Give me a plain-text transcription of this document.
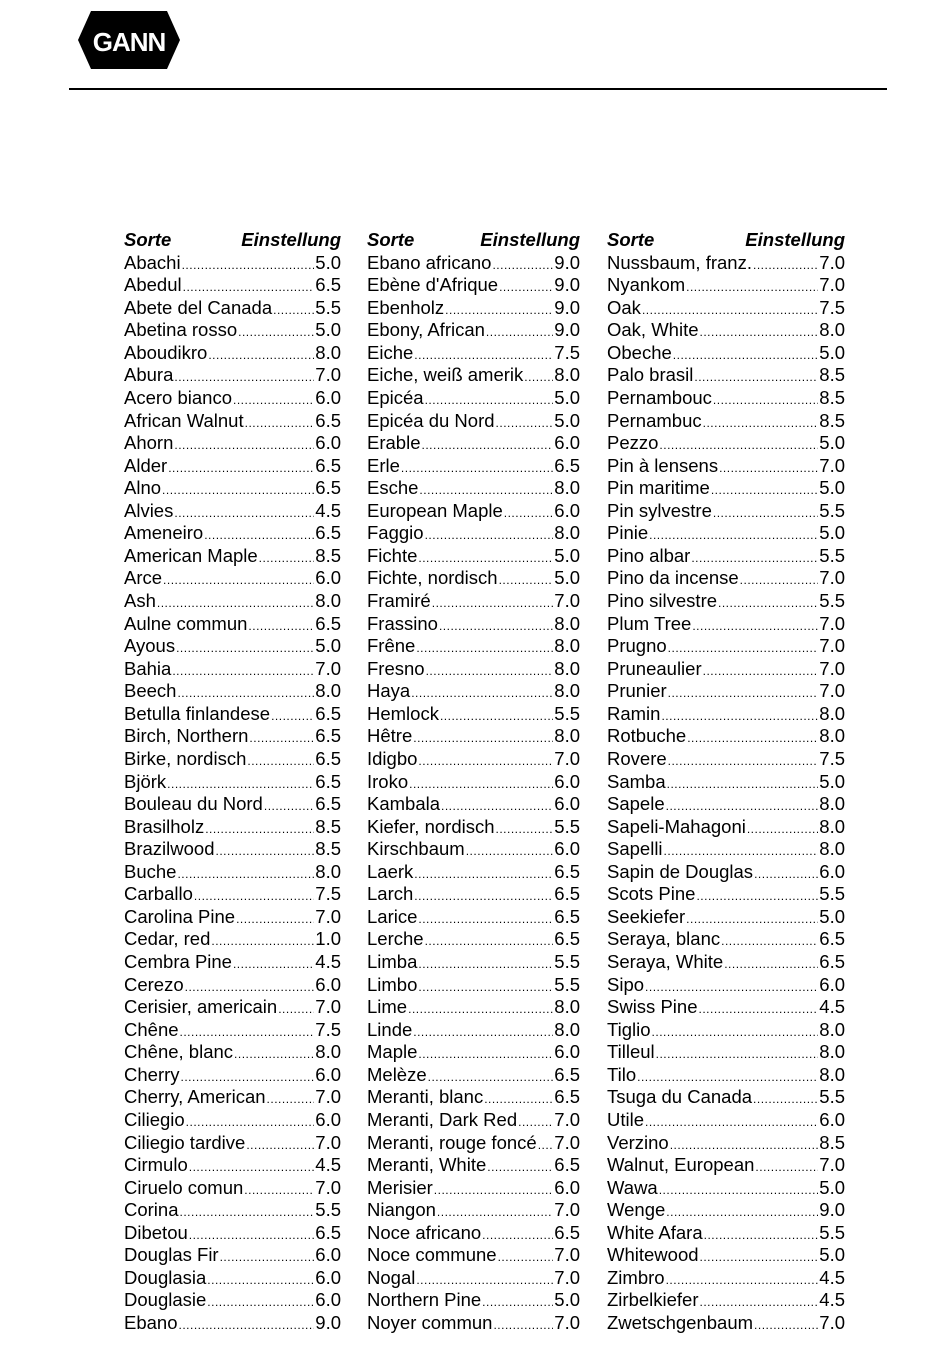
GANN
Sorte	Einstellung
Abachi .....	5.0
Abedul .....	6.5
Abete del Canada ..... 5.5
Abetina rosso .....	5.0
Aboudikro .....	8.0
Abura .....	7.0
Acero bianco .....	6.0
African Walnut .....	6.5
Ahorn .....	6.0
Alder .....	6.5
Alno .....	6.5
Alvies .....	4.5
Ameneiro .....	6.5
American Maple .....	8.5
Arce .....	6.0
Ash .....	8.0
Aulne commun .....	6.5
Ayous .....	5.0
Bahia .....	7.0
Beech .....	8.0
Betulla finlandese ..... 6.5
Birch, Northern .....	6.5
Birke, nordisch .....	6.5
Björk .....	6.5
Bouleau du Nord .....	6.5
Brasilholz .....	8.5
Brazilwood .....	8.5
Buche .....	8.0
Carballo .....	7.5
Carolina Pine .....	7.0
Cedar, red .....	1.0
Cembra Pine .....	4.5
Cerezo .....	6.0
Cerisier, americain ..... 7.0
Chêne .....	7.5
Chêne, blanc .....	8.0
Cherry .....	6.0
Cherry, American .....	7.0
Ciliegio .....	6.0
Ciliegio tardive .....	7.0
Cirmulo .....	4.5
Ciruelo comun .....	7.0
Corina .....	5.5
Dibetou .....	6.5
Douglas Fir .....	6.0
Douglasia .....	6.0
Douglasie .....	6.0
Ebano .....	9.0
Sorte	Einstellung
Ebano africano .....	9.0
Ebène d'Afrique .....	9.0
Ebenholz .....	9.0
Ebony, African .....	9.0
Eiche .....	7.5
Eiche, weiß amerik ..... 8.0
Epicéa .....	5.0
Epicéa du Nord .....	5.0
Erable .....	6.0
Erle .....	6.5
Esche .....	8.0
European Maple .....	6.0
Faggio .....	8.0
Fichte .....	5.0
Fichte, nordisch .....	5.0
Framiré .....	7.0
Frassino .....	8.0
Frêne .....	8.0
Fresno .....	8.0
Haya .....	8.0
Hemlock .....	5.5
Hêtre .....	8.0
Idigbo .....	7.0
Iroko .....	6.0
Kambala .....	6.0
Kiefer, nordisch .....	5.5
Kirschbaum .....	6.0
Laerk .....	6.5
Larch .....	6.5
Larice .....	6.5
Lerche .....	6.5
Limba .....	5.5
Limbo .....	5.5
Lime .....	8.0
Linde .....	8.0
Maple .....	6.0
Melèze .....	6.5
Meranti, blanc .....	6.5
Meranti, Dark Red ..... 7.0
Meranti, rouge foncé ..... 7.0
Meranti, White .....	6.5
Merisier .....	6.0
Niangon .....	7.0
Noce africano .....	6.5
Noce commune .....	7.0
Nogal .....	7.0
Northern Pine .....	5.0
Noyer commun .....	7.0
Sorte	Einstellung
Nussbaum, franz. .....	7.0
Nyankom .....	7.0
Oak .....	7.5
Oak, White .....	8.0
Obeche .....	5.0
Palo brasil .....	8.5
Pernambouc .....	8.5
Pernambuc .....	8.5
Pezzo .....	5.0
Pin à lensens .....	7.0
Pin maritime .....	5.0
Pin sylvestre .....	5.5
Pinie .....	5.0
Pino albar .....	5.5
Pino da incense .....	7.0
Pino silvestre .....	5.5
Plum Tree .....	7.0
Prugno .....	7.0
Pruneaulier .....	7.0
Prunier .....	7.0
Ramin .....	8.0
Rotbuche .....	8.0
Rovere .....	7.5
Samba .....	5.0
Sapele .....	8.0
Sapeli-Mahagoni .....	8.0
Sapelli .....	8.0
Sapin de Douglas .....	6.0
Scots Pine .....	5.5
Seekiefer .....	5.0
Seraya, blanc .....	6.5
Seraya, White .....	6.5
Sipo .....	6.0
Swiss Pine .....	4.5
Tiglio .....	8.0
Tilleul .....	8.0
Tilo .....	8.0
Tsuga du Canada .....	5.5
Utile .....	6.0
Verzino .....	8.5
Walnut, European .....	7.0
Wawa .....	5.0
Wenge .....	9.0
White Afara .....	5.5
Whitewood .....	5.0
Zimbro .....	4.5
Zirbelkiefer .....	4.5
Zwetschgenbaum .....	7.0
